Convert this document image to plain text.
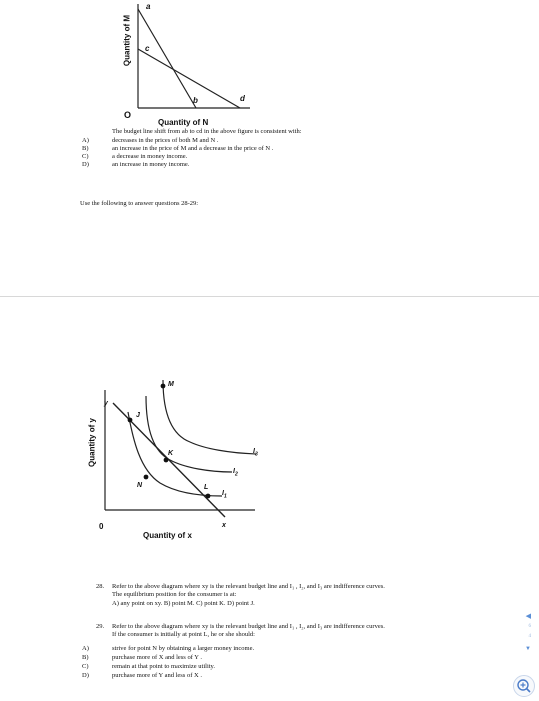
Quantity of M
a
c
b	d
O
Quantity of N
The budget line shift from ab to cd in the above figure is consistent with:
A)	decreases in the prices of both M and N .
B)	an increase in the price of M and a decrease in the price of N .
C)	a decrease in money income.
D)	an increase in money income.
Use the following to answer questions 28-29:
y
x
M
J
K
N	L
$I_1$
$I_2$
$I_3$
Quantity of y
0
Quantity of x
28. Refer to the above diagram where xy is the relevant budget line and I₁ , I₂, and I₃ are indifference curves.
The equilibrium position for the consumer is at:
A) any point on xy. B) point M. C) point K. D) point J.
29. Refer to the above diagram where xy is the relevant budget line and I₁ , I₂, and I₃ are indifference curves.
If the consumer is initially at point L, he or she should:
A)	strive for point N by obtaining a larger money income.
B)	purchase more of X and less of Y .
C)	remain at that point to maximize utility.
D)	purchase more of Y and less of X .
◀
6
4
▼
